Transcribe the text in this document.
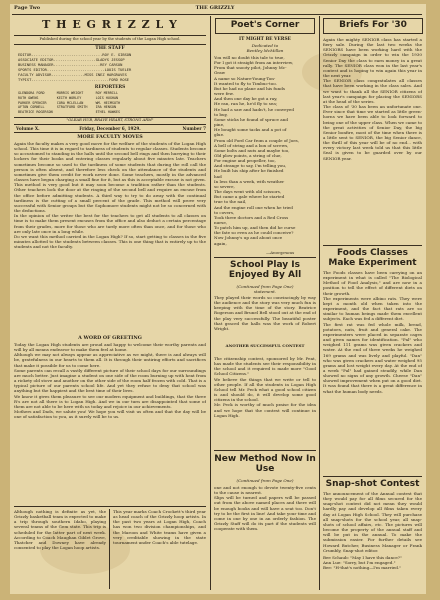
Page Two	THE GRIZZLY
T H E G R I Z Z L Y
Published during the school year by the students of the Logan High school.
THE STAFF
EDITOR................................ROY E. GIBSON
ASSOCIATE EDITOR...................GLADYS JESSOP
BUSINESS MANAGER.....................REY CARSON
SPORTS EDITOR..........................LOUIS TUELER
FACULTY ADVISOR...............MISS INEZ HARGRAVES
TYPIST...................................FORD ROSE
REPORTERS
GLENDORA FORD      MORRIS WRIGHT      ROY MERRILL
RUTH OWENS         KEITH WORLEY       LOIS HUGHAN
PARKER SPENCER     CORA MCLELLAN      WM. HEIMSOTH
AFTON CORNELL      STRATFORD SMITH    IRA HENSON
BEATRICE ROGERSON                     ETHEL HAWKES
"OLEAR HUB, BRAVE HEART, STRONG ARM"
Volume X.	Friday, December 6, 1929.	Number 7
MORE FACULTY MOVES

Again the faculty makes a very good move for the welfare of the students of the Logan High school. This time it is in regard to tardiness of students to regular classes. Students become so accustomed to standing in the halls until the second bell rings and then hurrying to their lockers for their books and entering classes regularly about five minutes late. Teachers sometimes become so used to the tardiness of some students that during the roll call the person is often absent, and therefore less check on the attendance of the students and sometimes give them credit for work never done. Some teachers, mostly in the advanced classes have begun charging a small fine for it, but as this is acceptable excuse is not given. This method is very good but it may soon become a tradition rather than the students. Other teachers lock the door at the ringing of the second bell and require an excuse from the office before admitting students. A third way to try to do away with the continual tardiness is the cutting of a small percent of the grade. This method will prove very successful with Senior groups but the Sophomore students might not be so concerned with the deductions.
In the opinion of the writer the best for the teachers to get all students to all classes on time is to make them present excuses from the office and also deduct a certain percentage from their grades, more for those who are tardy more often than once, and for those who are only late once in a long while.
Do we want this method carried in the Logan High? If so, start getting to classes in the five minutes allotted to the students between classes. This is one thing that is entirely up to the students and not the faculty.

A WORD OF GREETING

Today the Logan High students are proud and happy to welcome their worthy parents and will by all means endeavor to make them feel at home.
Although we may not always appear as appreciative as we might, there is and always will be, gratefulness in our hearts to them all. It is through their untiring efforts and sacrifices that make it possible for us to come here.
Some parents can recall a vastly different picture of their school days for our surroundings are much better. Just imagine a student on one side of the room burning up with heat from a rickety old stove and another on the other side of the room half frozen with cold. That is a typical picture of our parents school life. And yet they refuse to deny that school was anything but the happiest and the best time of their lives.
We know it gives them pleasure to see our modern equipment and buildings, that the three R's are not all there is to Logan High. And we in our turn are disappointed that some of them are not able to be here with us today and rejoice in our achievements.
Mothers and Dads, we salute you! We hope you will visit us often and that the day will be one of satisfaction to you, as it surely will be to us.

Although nothing is definite as yet, the Grizzly basketball team is expected to make a trip through southern Idaho, playing several teams of the Gem state. This trip is scheduled for the latter part of next week. According to Coach Maughan Giblet Grove, Thatcher and Downey have already consented to play the Logan hoop artists.

This year marks Coach Crockett's third year as head coach of the Grizzly hoop artists. In the past two years at Logan High, Coach has won two division championships, and the Maroon and White teams have given a very creditable showing in the state tournament under Coach's able tutelage.

Poet's Corner
IT MIGHT BE VERSE
Dedicated to
Bentley McMillan

You will no doubt this tale to true,
For I got it straight from an interview,
From that snooty pilot, Johnny Mc-
Graw
A name so Nature-Young-Ton-
It wanted to fly to Timbuc-too.
But he had no plane and his funds
were few.
And then one day he got a ray,
He ran, ran he, he'd fly to sea;
He had a saw and hadn't, he conveyed
to buy,
Some sticks he found of spruce and
pine,
He bought some tacks and a pot of
glue.
From old Ford Car from a couple of Joes,
A bell of string and a box of screws,
Some bolts and nuts and maybe too,
Old plow points, a string of clue,
For engine and propeller, too,
And strange to say, I'm telling you,
He built his ship after he finished
had
In less than a week, with weather
so severe,
The days went with old scissors,
But came a gale where he started
true to the nail,
And the engine roll one when he tried
to covers,
Took three doctors and a Red Cross
nurse,
To patch him up, and then did he curse
the fate so even as he could conceive?
Now Johnny's up and about once
again,

—Anonymous
School Play Is Enjoyed By All

(Continued from Page One)
statement.

They played their words so convincingly by way the audience and the story was very much fun is keeping with the time of the story. Beatrice Rogerson and Brunel Bell stood out at the end of the play very successfully. The beautiful poster that graced the halls was the work of Robert Wright.

ANOTHER SUCCESSFUL CONTEST

The citizenship contest, sponsored by Mr. Peat, has made the students see their responsibility in the school and it required is made more "Good School Citizens."
We believe the things that we write or tell to other people. If all the students in Logan High School tell Mr. Peck what a good school citizen is and should do, it will develop some good citizens in the school.
Mr. Peck is worthy of much praise for the idea and we hope that the contest will continue in Logan High.

New Method Now In Use

(Continued from Page One)

one and not enough to devote twenty-five cents to the cause is nearest.
Slips will be turned and papers will be passed out from the above named places and there will be enough books and will have a seat too. Don't try to be the first in line! And take your time and come in one by one in an orderly fashion. The Grizzly Staff will do its part if the students will cooperate with them.

Briefs For '30

Again the mighty SENIOR class has started a fiery sale. During the last two weeks the SENIORS have been working hard with the Grizzly campaign in order to win the 1930 Senior Day the class to earn money in a great rally. The SENIOR class won in the last year's contest and is hoping to win again this year in the next year.
The SENIOR class congratulates all classes that have been working in the class sales. And we want to thank all the SENIOR citizens of last year's campaign for placing the SENIORS at the head of the series.
The class of '30 has been an unfortunate one. Ever since that time we started as little green-horns we have been able to look forward to being one of the upper class. When we came to the great activities of Senior Day, the big Senior bonfire, most of the time when there is a little sent to SENIOR, the big Senior dance, the thrill of this year will be of no end... with every victory last week told us that this little Seal is given to be guarded over by our SENIOR year.

Foods Classes Make Experiment

The Foods classes have been carrying on an experiment in what is called "The Biological Method of Food Analysis," and are now in a position to tell the effect of different diets on their growth.
The experiments were albino rats. They were kept a month old when taken into the experiment, and the fact that rats are so similar to human beings made them excellent subjects. Each was fed a different diet.
The first rat was fed whole milk, bread, potatoes, nuts, fruit and general cake. The experimenters were placed in separate cages and given names for identification. "Pal" who weighed 111 grams was given crackers and water. At the end of three weeks he weighed 169 grams and was lively and playful. "Dan" who was given crackers and water weighed 95 grams and lost weight every day. At the end of a week "Pal" had gained steadily, while Dan showed no signs of any growth. Cheese "Dan" showed improvement when put on a good diet. It was found that there is a great difference in what the human body needs.

Snap-shot Contest

The announcement of the Annual contest that they would pay for all films secured for the snap-shot contest did not mean they would hardly pay and develop all films taken every day at Logan High School. They will purchase all snap-shots for the school year, all snap-shots of school affairs, etc. The pictures will become the property of the annual staff and will be put in the annual. To make the submission easier. For further details see Howard Butcher, Business Manager or Frank Crumbly, Snap-shot editor.

Bee Schaub: "May I have this dance?"
Ann Lue: "Sorry, but I'm engaged."
Bee: "H-that's nothing—I'm married."
